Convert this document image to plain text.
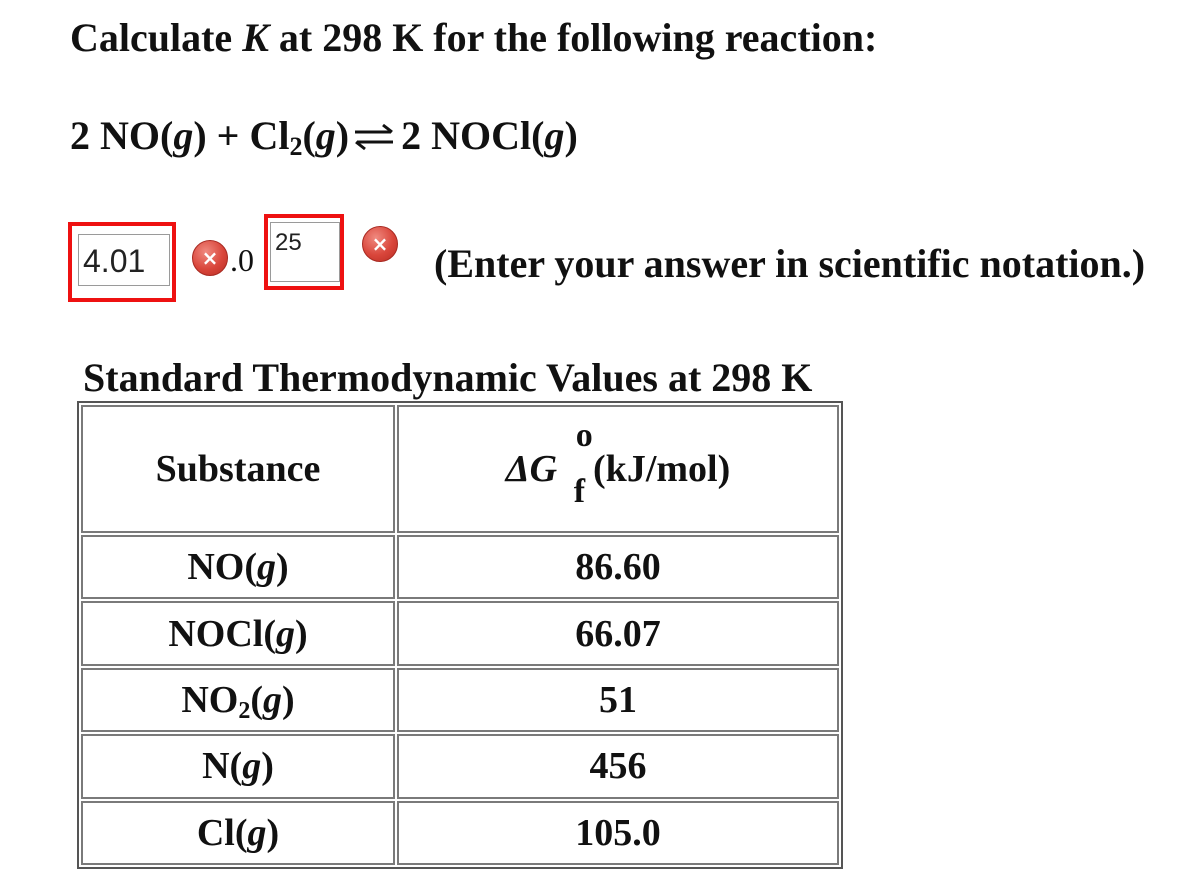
Calculate K at 298 K for the following reaction:
2 $NO(g) + Cl_2(g)$ ⇌ 2 NOCl(g)
4.01	× .0 25	× (Enter your answer in scientific notation.)
Standard Thermodynamic Values at 298 K
Substance	ΔG
o
f
(kJ/mol)
NO(g)	86.60
NOCl(g)	66.07
$NO_2(g)$	51
N(g)	456
Cl(g)	105.0
